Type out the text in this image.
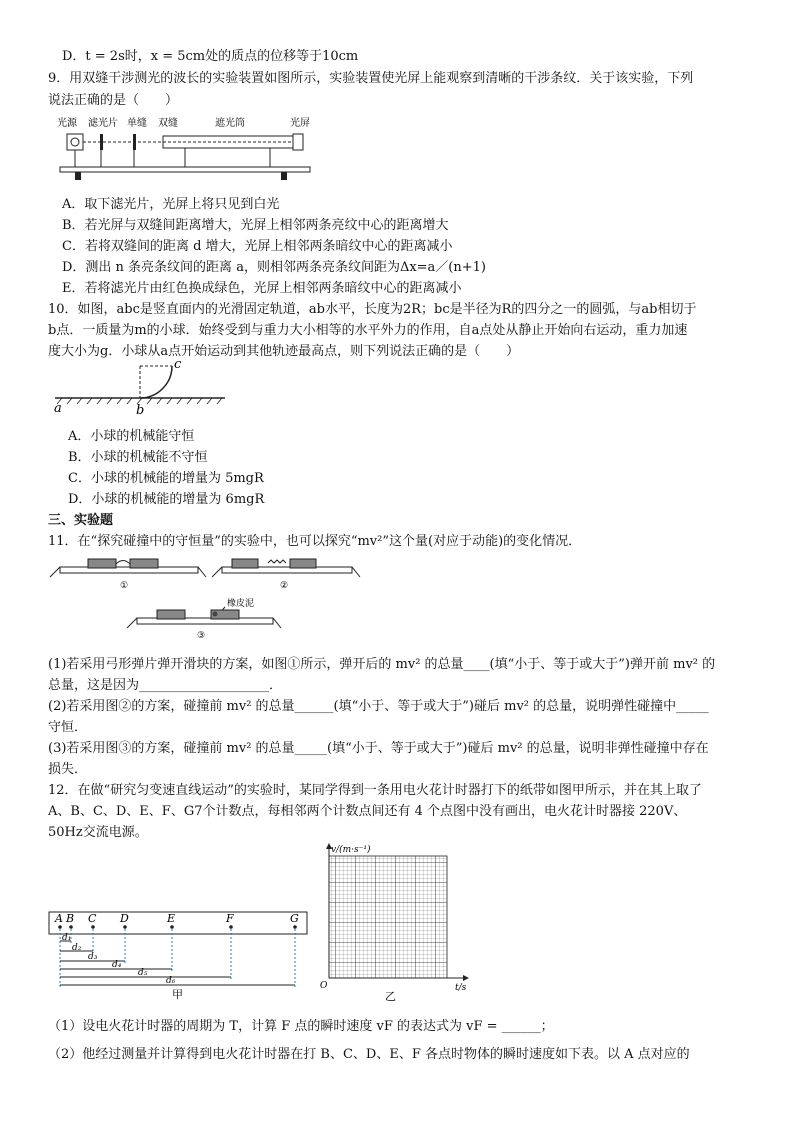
D．t = 2s时，x = 5cm处的质点的位移等于10cm
9．用双缝干涉测光的波长的实验装置如图所示，实验装置使光屏上能观察到清晰的干涉条纹．关于该实验，下列
说法正确的是（　　）
光源 滤光片 单缝 双缝	遮光筒	光屏
A．取下滤光片，光屏上将只见到白光
B．若光屏与双缝间距离增大，光屏上相邻两条亮纹中心的距离增大
C．若将双缝间的距离 d 增大，光屏上相邻两条暗纹中心的距离减小
D．测出 n 条亮条纹间的距离 a，则相邻两条亮条纹间距为Δx=a／(n+1)
E．若将滤光片由红色换成绿色，光屏上相邻两条暗纹中心的距离减小
10．如图，abc是竖直面内的光滑固定轨道，ab水平，长度为2R；bc是半径为R的四分之一的圆弧，与ab相切于
b点．一质量为m的小球．始终受到与重力大小相等的水平外力的作用，自a点处从静止开始向右运动，重力加速
度大小为g．小球从a点开始运动到其他轨迹最高点，则下列说法正确的是（　　）
a	b
c
A．小球的机械能守恒
B．小球的机械能不守恒
C．小球的机械能的增量为 5mgR
D．小球的机械能的增量为 6mgR
三、实验题
11．在“探究碰撞中的守恒量”的实验中，也可以探究“mv²”这个量(对应于动能)的变化情况．
①	②
橡皮泥
③
(1)若采用弓形弹片弹开滑块的方案，如图①所示，弹开后的 mv² 的总量____(填“小于、等于或大于”)弹开前 mv² 的
总量，这是因为____________________．
(2)若采用图②的方案，碰撞前 mv² 的总量______(填“小于、等于或大于”)碰后 mv² 的总量，说明弹性碰撞中_____
守恒．
(3)若采用图③的方案，碰撞前 mv² 的总量_____(填“小于、等于或大于”)碰后 mv² 的总量，说明非弹性碰撞中存在
损失．
12．在做“研究匀变速直线运动”的实验时，某同学得到一条用电火花计时器打下的纸带如图甲所示，并在其上取了
A、B、C、D、E、F、G7个计数点，每相邻两个计数点间还有 4 个点图中没有画出，电火花计时器接 220V、
50Hz交流电源。
A B C D	E	F	G
d₁
d₂
d₃
d₄
d₅
d₆
甲
v/(m·s⁻¹)
t/s
O
乙
（1）设电火花计时器的周期为 T，计算 F 点的瞬时速度 vF 的表达式为 vF = ______；
（2）他经过测量并计算得到电火花计时器在打 B、C、D、E、F 各点时物体的瞬时速度如下表。以 A 点对应的
